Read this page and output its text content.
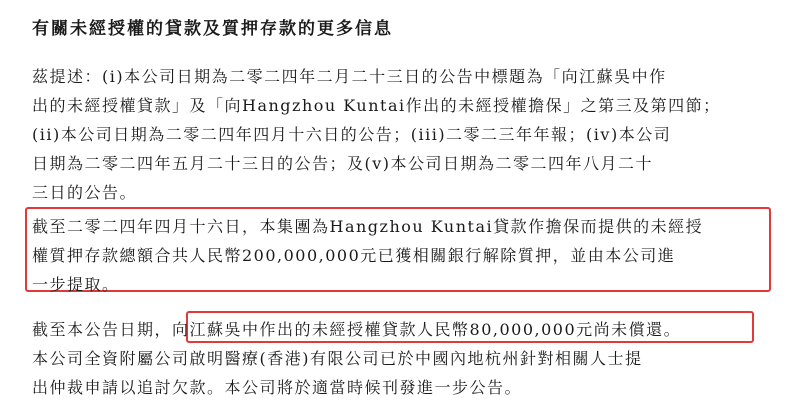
有關未經授權的貸款及質押存款的更多信息
茲提述：(i)本公司日期為二零二四年二月二十三日的公告中標題為「向江蘇吳中作
出的未經授權貸款」及「向Hangzhou Kuntai作出的未經授權擔保」之第三及第四節；
(ii)本公司日期為二零二四年四月十六日的公告；(iii)二零二三年年報；(iv)本公司
日期為二零二四年五月二十三日的公告；及(v)本公司日期為二零二四年八月二十
三日的公告。
截至二零二四年四月十六日，本集團為Hangzhou Kuntai貸款作擔保而提供的未經授
權質押存款總額合共人民幣200,000,000元已獲相關銀行解除質押，並由本公司進
一步提取。
截至本公告日期，向江蘇吳中作出的未經授權貸款人民幣80,000,000元尚未償還。
本公司全資附屬公司啟明醫療(香港)有限公司已於中國內地杭州針對相關人士提
出仲裁申請以追討欠款。本公司將於適當時候刊發進一步公告。
